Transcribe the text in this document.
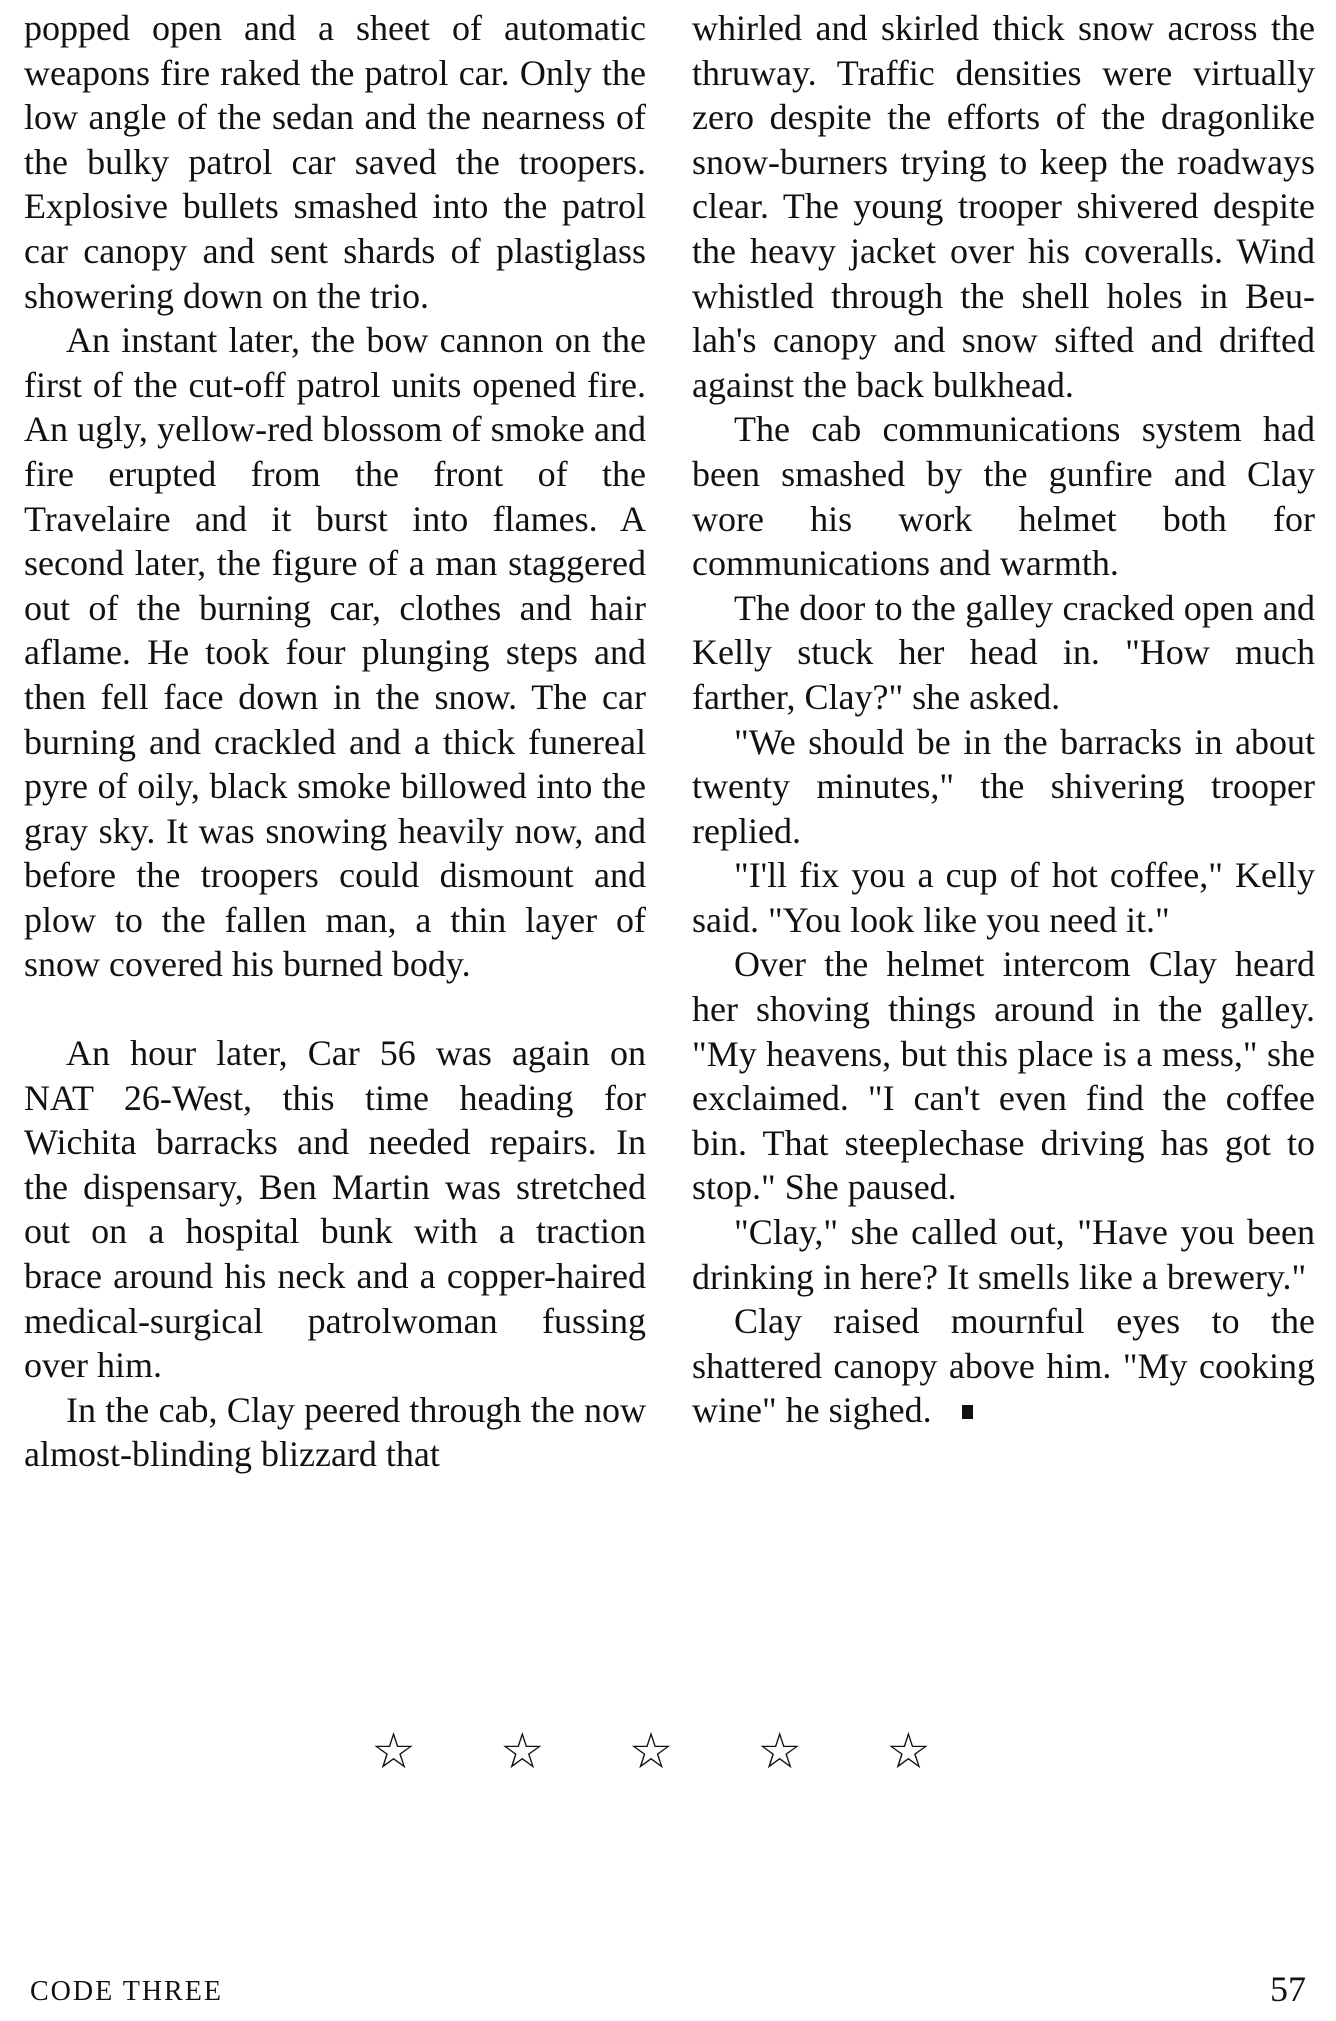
popped open and a sheet of automatic weapons fire raked the patrol car. Only the low angle of the sedan and the nearness of the bulky patrol car saved the troopers. Explosive bullets smashed into the patrol car canopy and sent shards of plastiglass showering down on the trio.

An instant later, the bow cannon on the first of the cut-off patrol units opened fire. An ugly, yellow-red blossom of smoke and fire erupted from the front of the Travelaire and it burst into flames. A second later, the figure of a man staggered out of the burning car, clothes and hair aflame. He took four plunging steps and then fell face down in the snow. The car burning and crackled and a thick funereal pyre of oily, black smoke billowed into the gray sky. It was snowing heavily now, and before the troopers could dismount and plow to the fallen man, a thin layer of snow covered his burned body.

An hour later, Car 56 was again on NAT 26-West, this time heading for Wichita barracks and needed repairs. In the dispensary, Ben Martin was stretched out on a hospital bunk with a traction brace around his neck and a copper-haired medical-surgical patrolwoman fussing over him.

In the cab, Clay peered through the now almost-blinding blizzard that

whirled and skirled thick snow across the thruway. Traffic densities were virtually zero despite the efforts of the dragonlike snow-burners trying to keep the roadways clear. The young trooper shivered despite the heavy jacket over his coveralls. Wind whistled through the shell holes in Beulah's canopy and snow sifted and drifted against the back bulkhead.

The cab communications system had been smashed by the gunfire and Clay wore his work helmet both for communications and warmth.

The door to the galley cracked open and Kelly stuck her head in. "How much farther, Clay?" she asked.

"We should be in the barracks in about twenty minutes," the shivering trooper replied.

"I'll fix you a cup of hot coffee," Kelly said. "You look like you need it."

Over the helmet intercom Clay heard her shoving things around in the galley. "My heavens, but this place is a mess," she exclaimed. "I can't even find the coffee bin. That steeplechase driving has got to stop." She paused.

"Clay," she called out, "Have you been drinking in here? It smells like a brewery."

Clay raised mournful eyes to the shattered canopy above him. "My cooking wine" he sighed.

☆ ☆ ☆ ☆ ☆
CODE THREE	57
